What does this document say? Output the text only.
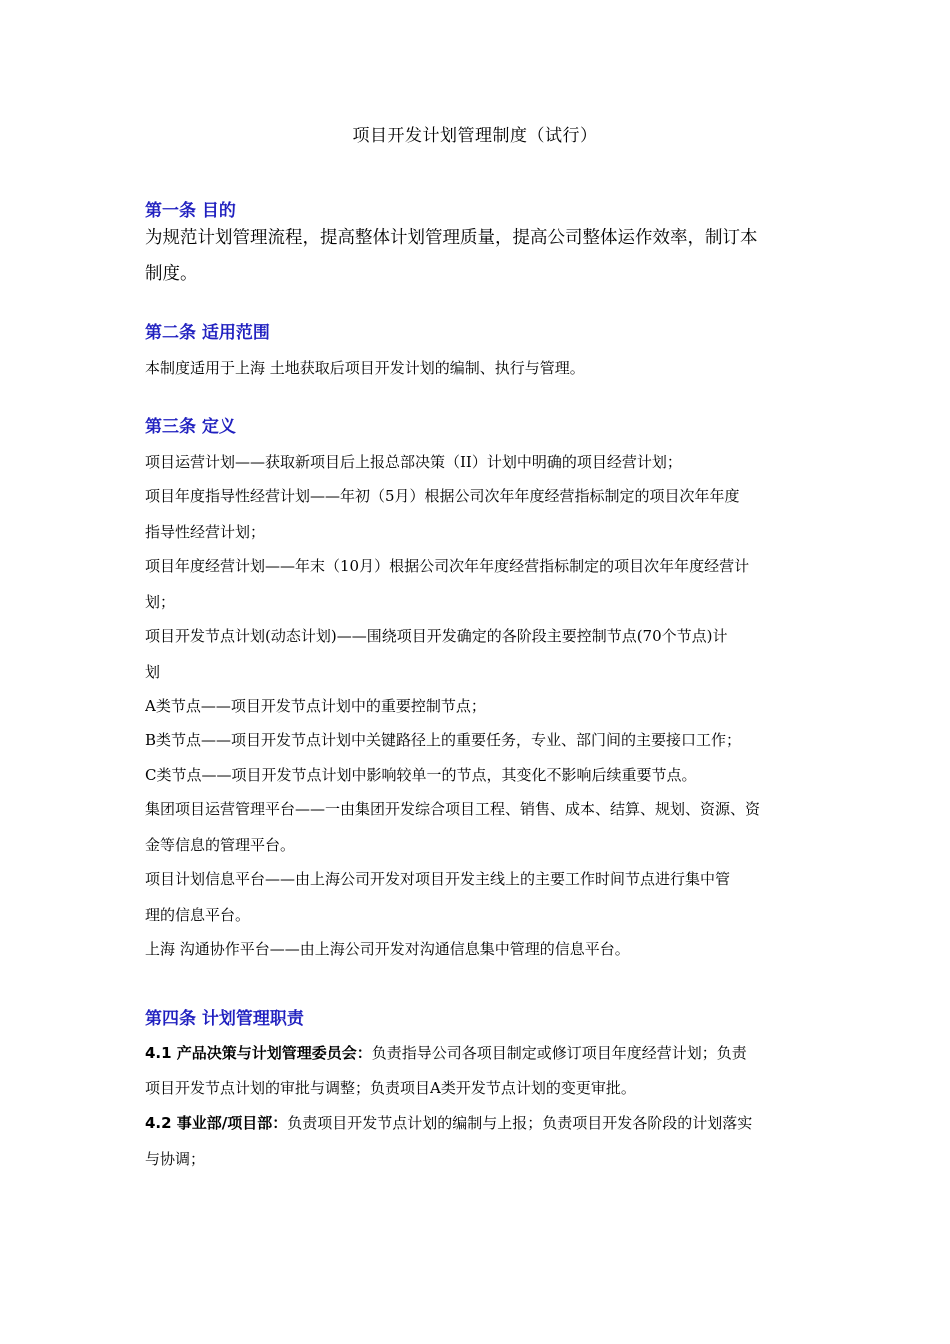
项目开发计划管理制度（试行）
第一条 目的
为规范计划管理流程，提高整体计划管理质量，提高公司整体运作效率，制订本
制度。
第二条 适用范围
本制度适用于上海 土地获取后项目开发计划的编制、执行与管理。
第三条 定义
项目运营计划——获取新项目后上报总部决策（II）计划中明确的项目经营计划；
项目年度指导性经营计划——年初（5月）根据公司次年年度经营指标制定的项目次年年度
指导性经营计划；
项目年度经营计划——年末（10月）根据公司次年年度经营指标制定的项目次年年度经营计
划；
项目开发节点计划(动态计划)——围绕项目开发确定的各阶段主要控制节点(70个节点)计
划
A类节点——项目开发节点计划中的重要控制节点；
B类节点——项目开发节点计划中关键路径上的重要任务，专业、部门间的主要接口工作；
C类节点——项目开发节点计划中影响较单一的节点，其变化不影响后续重要节点。
集团项目运营管理平台——一由集团开发综合项目工程、销售、成本、结算、规划、资源、资
金等信息的管理平台。
项目计划信息平台——由上海公司开发对项目开发主线上的主要工作时间节点进行集中管
理的信息平台。
上海 沟通协作平台——由上海公司开发对沟通信息集中管理的信息平台。
第四条 计划管理职责
4.1 产品决策与计划管理委员会：负责指导公司各项目制定或修订项目年度经营计划；负责
项目开发节点计划的审批与调整；负责项目A类开发节点计划的变更审批。
4.2 事业部/项目部：负责项目开发节点计划的编制与上报；负责项目开发各阶段的计划落实
与协调；
